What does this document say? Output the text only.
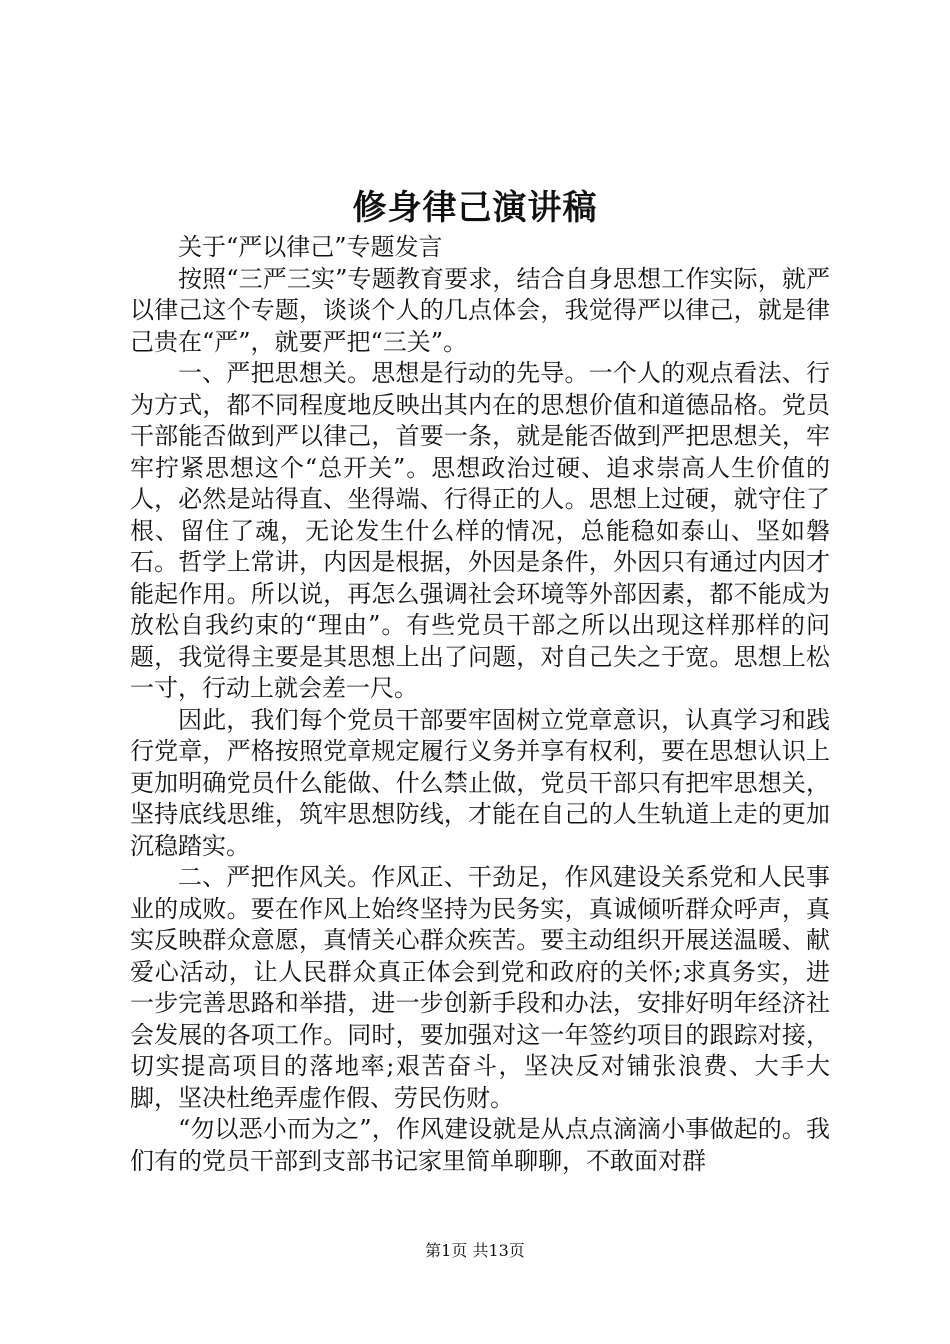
修身律己演讲稿

关于“严以律己”专题发言

按照“三严三实”专题教育要求，结合自身思想工作实际，就严以律己这个专题，谈谈个人的几点体会，我觉得严以律己，就是律己贵在“严”，就要严把“三关”。

一、严把思想关。思想是行动的先导。一个人的观点看法、行为方式，都不同程度地反映出其内在的思想价值和道德品格。党员干部能否做到严以律己，首要一条，就是能否做到严把思想关，牢牢拧紧思想这个“总开关”。思想政治过硬、追求崇高人生价值的人，必然是站得直、坐得端、行得正的人。思想上过硬，就守住了根、留住了魂，无论发生什么样的情况，总能稳如泰山、坚如磐石。哲学上常讲，内因是根据，外因是条件，外因只有通过内因才能起作用。所以说，再怎么强调社会环境等外部因素，都不能成为放松自我约束的“理由”。有些党员干部之所以出现这样那样的问题，我觉得主要是其思想上出了问题，对自己失之于宽。思想上松一寸，行动上就会差一尺。

因此，我们每个党员干部要牢固树立党章意识，认真学习和践行党章，严格按照党章规定履行义务并享有权利，要在思想认识上更加明确党员什么能做、什么禁止做，党员干部只有把牢思想关，坚持底线思维，筑牢思想防线，才能在自己的人生轨道上走的更加沉稳踏实。

二、严把作风关。作风正、干劲足，作风建设关系党和人民事业的成败。要在作风上始终坚持为民务实，真诚倾听群众呼声，真实反映群众意愿，真情关心群众疾苦。要主动组织开展送温暖、献爱心活动，让人民群众真正体会到党和政府的关怀;求真务实，进一步完善思路和举措，进一步创新手段和办法，安排好明年经济社会发展的各项工作。同时，要加强对这一年签约项目的跟踪对接，切实提高项目的落地率;艰苦奋斗，坚决反对铺张浪费、大手大脚，坚决杜绝弄虚作假、劳民伤财。

“勿以恶小而为之”，作风建设就是从点点滴滴小事做起的。我们有的党员干部到支部书记家里简单聊聊，不敢面对群

第1页 共13页
